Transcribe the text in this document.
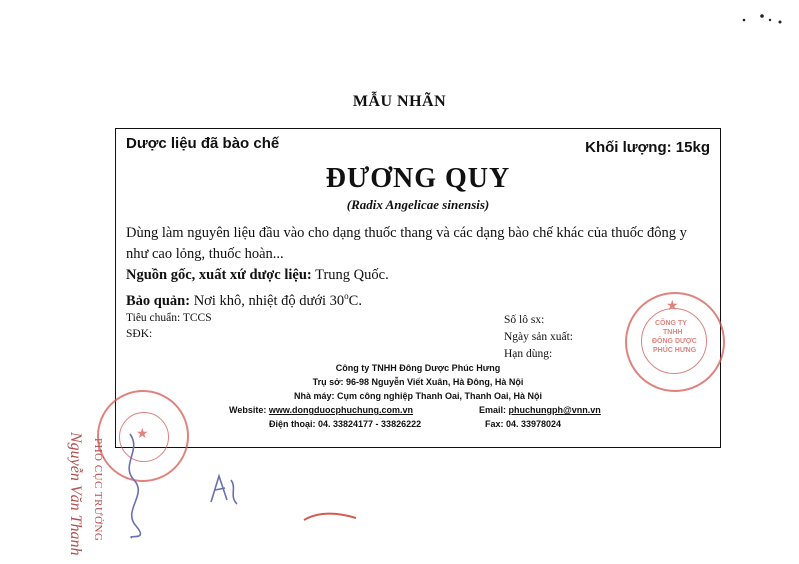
MẪU NHÃN
Dược liệu đã bào chế	Khối lượng: 15kg
ĐƯƠNG QUY
(Radix Angelicae sinensis)
Dùng làm nguyên liệu đầu vào cho dạng thuốc thang và các dạng bào chế khác của thuốc đông y như cao lỏng, thuốc hoàn...
Nguồn gốc, xuất xứ dược liệu: Trung Quốc.
Bảo quản: Nơi khô, nhiệt độ dưới 30$^o$C.
Tiêu chuẩn: TCCS
SĐK:
Số lô sx:
Ngày sản xuất:
Hạn dùng:
Công ty TNHH Đông Dược Phúc Hưng
Trụ sở: 96-98 Nguyễn Viết Xuân, Hà Đông, Hà Nội
Nhà máy: Cụm công nghiệp Thanh Oai, Thanh Oai, Hà Nội
Website: www.dongduocphuchung.com.vn	Email: phuchungph@vnn.vn
Điện thoại: 04. 33824177 - 33826222	Fax: 04. 33978024
★
CÔNG TY
TNHH
ĐÔNG DƯỢC
PHÚC HƯNG
★
PHÓ CỤC TRƯỞNG
Nguyễn Văn Thanh
